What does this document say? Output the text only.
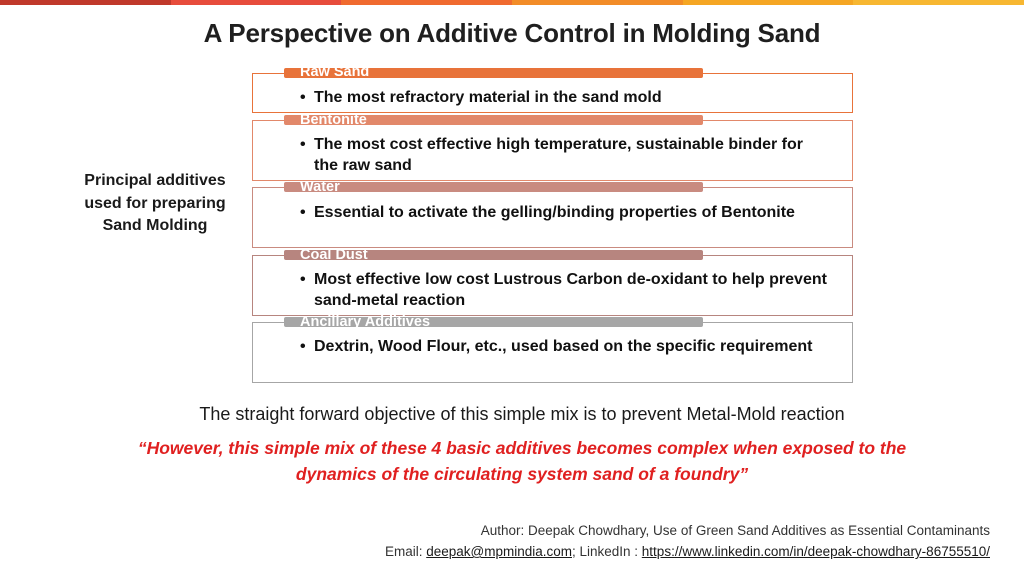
A Perspective on Additive Control in Molding Sand
Principal additives used for preparing Sand Molding
Raw Sand
• The most refractory material in the sand mold
Bentonite
• The most cost effective high temperature, sustainable binder for the raw sand
Water
• Essential to activate the gelling/binding properties of Bentonite
Coal Dust
• Most effective low cost Lustrous Carbon de-oxidant to help prevent sand-metal reaction
Ancillary Additives
• Dextrin, Wood Flour, etc., used based on the specific requirement
The straight forward objective of this simple mix is to prevent Metal-Mold reaction
“However, this simple mix of these 4 basic additives becomes complex when exposed to the dynamics of the circulating system sand of a foundry”
Author: Deepak Chowdhary, Use of Green Sand Additives as Essential Contaminants
Email: deepak@mpmindia.com; LinkedIn : https://www.linkedin.com/in/deepak-chowdhary-86755510/
